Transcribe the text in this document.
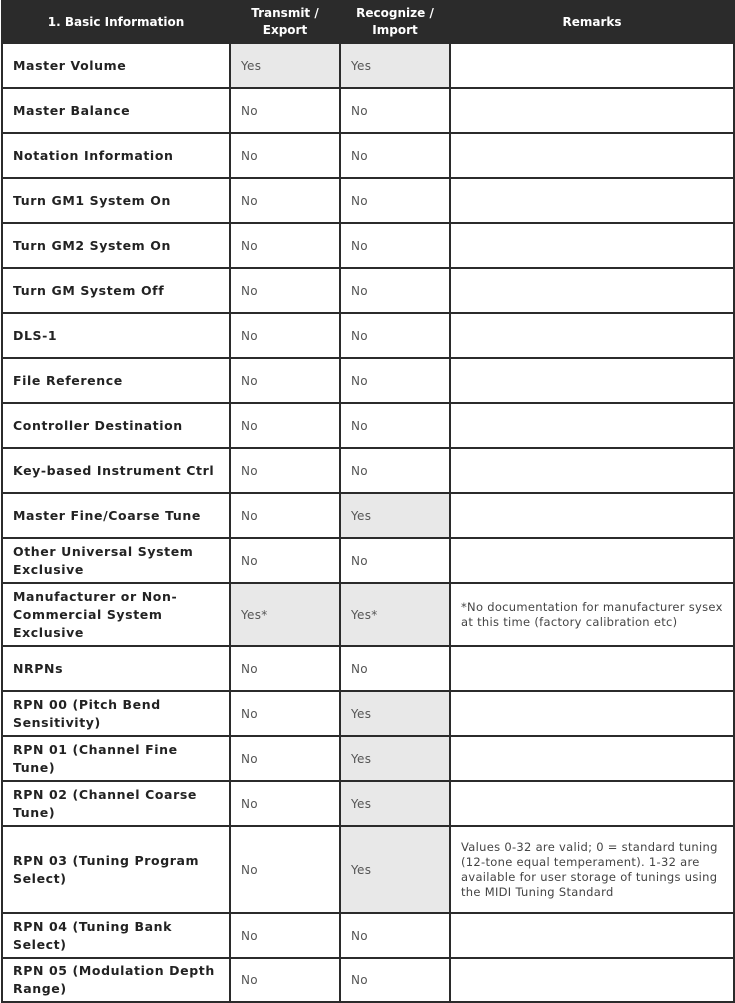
1. Basic Information	Transmit / Export	Recognize / Import	Remarks
Master Volume	Yes	Yes	
Master Balance	No	No	
Notation Information	No	No	
Turn GM1 System On	No	No	
Turn GM2 System On	No	No	
Turn GM System Off	No	No	
DLS-1	No	No	
File Reference	No	No	
Controller Destination	No	No	
Key-based Instrument Ctrl	No	No	
Master Fine/Coarse Tune	No	Yes	
Other Universal System Exclusive	No	No	
Manufacturer or Non-Commercial System Exclusive	Yes*	Yes*	*No documentation for manufacturer sysex at this time (factory calibration etc)
NRPNs	No	No	
RPN 00 (Pitch Bend Sensitivity)	No	Yes	
RPN 01 (Channel Fine Tune)	No	Yes	
RPN 02 (Channel Coarse Tune)	No	Yes	
RPN 03 (Tuning Program Select)	No	Yes	Values 0-32 are valid; 0 = standard tuning (12-tone equal temperament). 1-32 are available for user storage of tunings using the MIDI Tuning Standard
RPN 04 (Tuning Bank Select)	No	No	
RPN 05 (Modulation Depth Range)	No	No	
